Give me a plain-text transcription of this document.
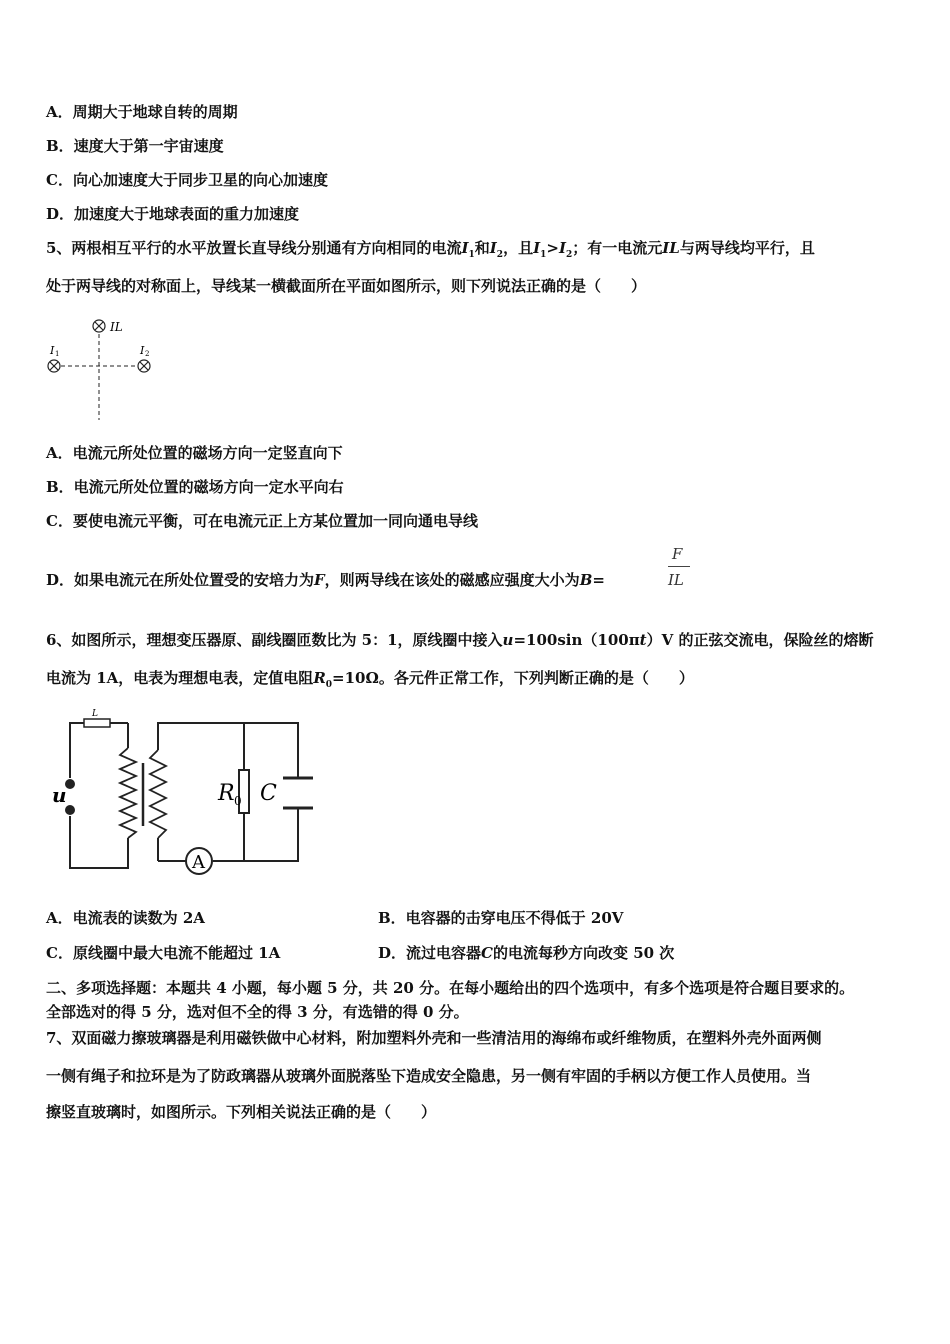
A．周期大于地球自转的周期
B．速度大于第一宇宙速度
C．向心加速度大于同步卫星的向心加速度
D．加速度大于地球表面的重力加速度
5、两根相互平行的水平放置长直导线分别通有方向相同的电流$I_1$和$I_2$，且$I_1>I_2$；有一电流元IL与两导线均平行，且
处于两导线的对称面上，导线某一横截面所在平面如图所示，则下列说法正确的是（　　）
IL
I 1	I 2
A．电流元所处位置的磁场方向一定竖直向下
B．电流元所处位置的磁场方向一定水平向右
C．要使电流元平衡，可在电流元正上方某位置加一同向通电导线
D．如果电流元在所处位置受的安培力为F，则两导线在该处的磁感应强度大小为B=
F
IL
6、如图所示，理想变压器原、副线圈匝数比为 5：1，原线圈中接入u=100sin（100πt）V 的正弦交流电，保险丝的熔断
电流为 1A，电表为理想电表，定值电阻$R_0=10\Omega$。各元件正常工作，下列判断正确的是（　　）
L
u
A
R 0 C
A．电流表的读数为 2A	B．电容器的击穿电压不得低于 20V
C．原线圈中最大电流不能超过 1A	D．流过电容器C的电流每秒方向改变 50 次
二、多项选择题：本题共 4 小题，每小题 5 分，共 20 分。在每小题给出的四个选项中，有多个选项是符合题目要求的。
全部选对的得 5 分，选对但不全的得 3 分，有选错的得 0 分。
7、双面磁力擦玻璃器是利用磁铁做中心材料，附加塑料外壳和一些清洁用的海绵布或纤维物质，在塑料外壳外面两侧
一侧有绳子和拉环是为了防政璃器从玻璃外面脱落坠下造成安全隐患，另一侧有牢固的手柄以方便工作人员使用。当
擦竖直玻璃时，如图所示。下列相关说法正确的是（　　）
